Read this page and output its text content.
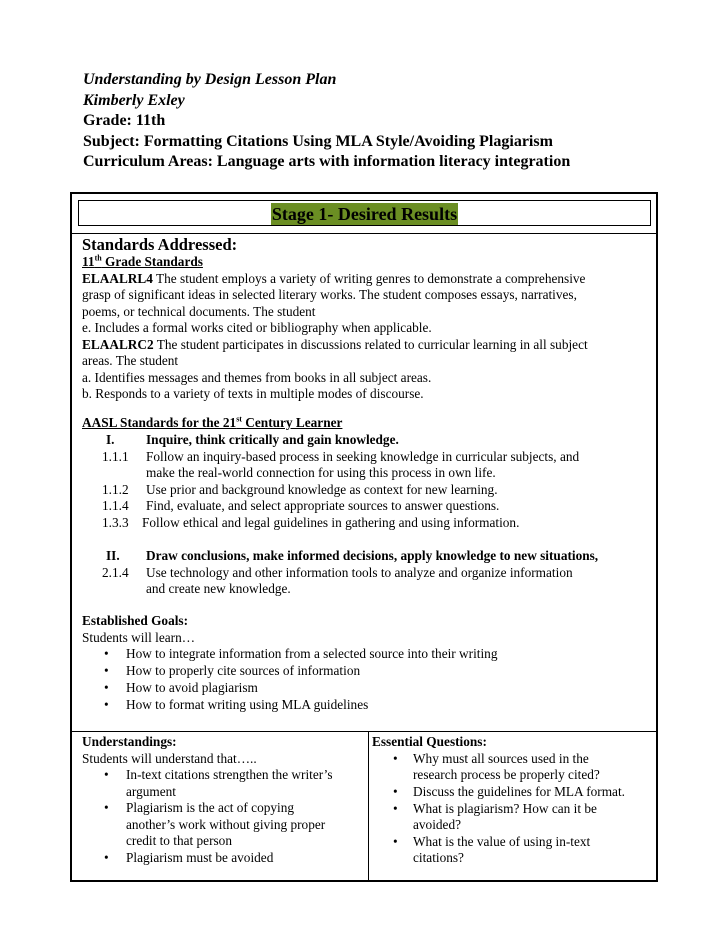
Understanding by Design Lesson Plan
Kimberly Exley
Grade: 11th
Subject: Formatting Citations Using MLA Style/Avoiding Plagiarism
Curriculum Areas: Language arts with information literacy integration
Stage 1- Desired Results
Standards Addressed:
11th Grade Standards
ELAALRL4 The student employs a variety of writing genres to demonstrate a comprehensive
grasp of significant ideas in selected literary works. The student composes essays, narratives,
poems, or technical documents. The student
e. Includes a formal works cited or bibliography when applicable.
ELAALRC2 The student participates in discussions related to curricular learning in all subject
areas. The student
a. Identifies messages and themes from books in all subject areas.
b. Responds to a variety of texts in multiple modes of discourse.
AASL Standards for the 21st Century Learner
I. Inquire, think critically and gain knowledge.
1.1.1 Follow an inquiry-based process in seeking knowledge in curricular subjects, and
make the real-world connection for using this process in own life.
1.1.2 Use prior and background knowledge as context for new learning.
1.1.4 Find, evaluate, and select appropriate sources to answer questions.
1.3.3 Follow ethical and legal guidelines in gathering and using information.
II. Draw conclusions, make informed decisions, apply knowledge to new situations,
2.1.4 Use technology and other information tools to analyze and organize information
and create new knowledge.
Established Goals:
Students will learn…
• How to integrate information from a selected source into their writing
• How to properly cite sources of information
• How to avoid plagiarism
• How to format writing using MLA guidelines
Understandings:
Students will understand that…..
• In-text citations strengthen the writer’s
argument
• Plagiarism is the act of copying
another’s work without giving proper
credit to that person
• Plagiarism must be avoided
Essential Questions:
• Why must all sources used in the
research process be properly cited?
• Discuss the guidelines for MLA format.
• What is plagiarism? How can it be
avoided?
• What is the value of using in-text
citations?
